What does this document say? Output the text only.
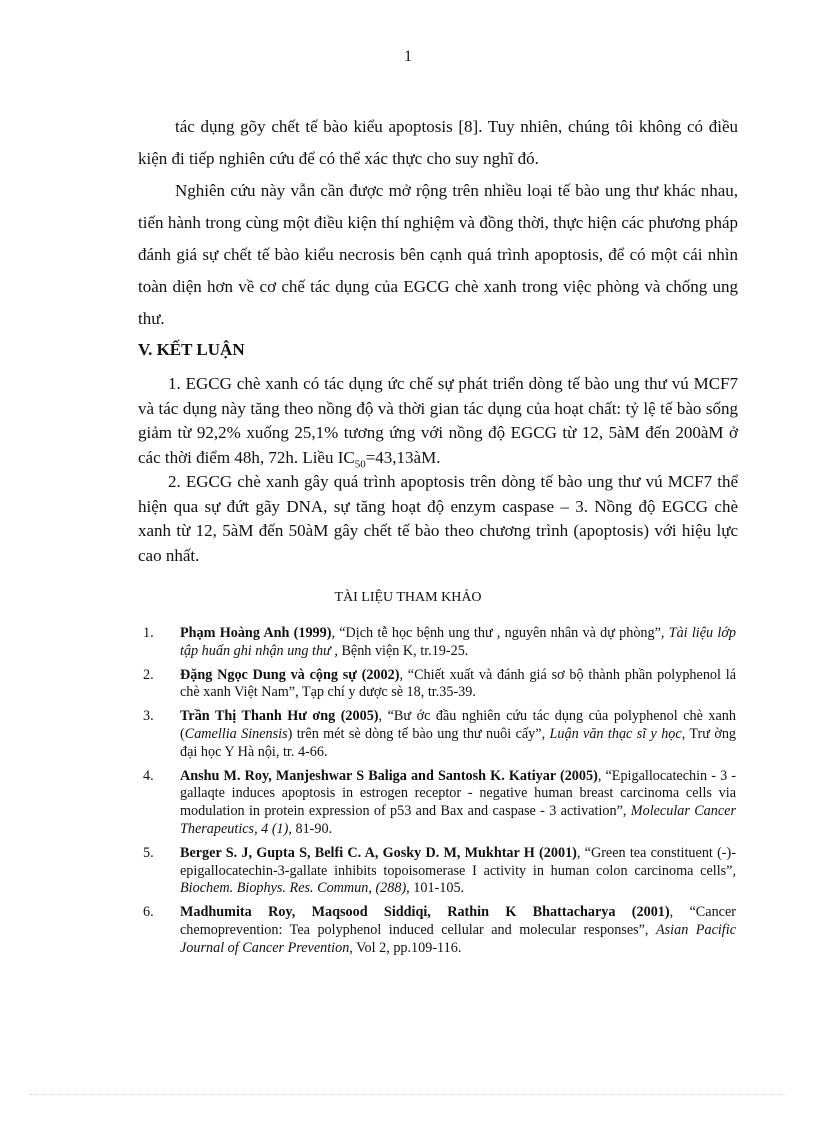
1

tác dụng gõy chết tế bào kiểu apoptosis [8]. Tuy nhiên, chúng tôi không có điều kiện đi tiếp nghiên cứu để có thể xác thực cho suy nghĩ đó.

Nghiên cứu này vẫn cần được mở rộng trên nhiều loại tế bào ung thư khác nhau, tiến hành trong cùng một điều kiện thí nghiệm và đồng thời, thực hiện các phương pháp đánh giá sự chết tế bào kiểu necrosis bên cạnh quá trình apoptosis, để có một cái nhìn toàn diện hơn về cơ chế tác dụng của EGCG chè xanh trong việc phòng và chống ung thư.

V. KẾT LUẬN

1. EGCG chè xanh có tác dụng ức chế sự phát triển dòng tế bào ung thư vú MCF7 và tác dụng này tăng theo nồng độ và thời gian tác dụng của hoạt chất: tỷ lệ tế bào sống giảm từ 92,2% xuống 25,1% tương ứng với nồng độ EGCG từ 12, 5àM đến 200àM ở các thời điểm 48h, 72h. Liều $IC_{50}=43,13àM$.

2. EGCG chè xanh gây quá trình apoptosis trên dòng tế bào ung thư vú MCF7 thể hiện qua sự đứt gãy DNA, sự tăng hoạt độ enzym caspase – 3. Nồng độ EGCG chè xanh từ 12, 5àM đến 50àM gây chết tế bào theo chương trình (apoptosis) với hiệu lực cao nhất.

TÀI LIỆU THAM KHẢO
1. Phạm Hoàng Anh (1999), “Dịch tễ học bệnh ung thư , nguyên nhân và dự phòng”, Tài liệu lớp tập huấn ghi nhận ung thư , Bệnh viện K, tr.19-25.
2. Đặng Ngọc Dung và cộng sự (2002), “Chiết xuất và đánh giá sơ bộ thành phần polyphenol lá chè xanh Việt Nam”, Tạp chí y dược sè 18, tr.35-39.
3. Trần Thị Thanh Hư ơng (2005), “Bư ớc đầu nghiên cứu tác dụng của polyphenol chè xanh (Camellia Sinensis) trên mét sè dòng tế bào ung thư nuôi cấy”, Luận văn thạc sĩ y học, Trư ờng đại học Y Hà nội, tr. 4-66.
4. Anshu M. Roy, Manjeshwar S Baliga and Santosh K. Katiyar (2005), “Epigallocatechin - 3 - gallaqte induces apoptosis in estrogen receptor - negative human breast carcinoma cells via modulation in protein expression of p53 and Bax and caspase - 3 activation”, Molecular Cancer Therapeutics, 4 (1), 81-90.
5. Berger S. J, Gupta S, Belfi C. A, Gosky D. M, Mukhtar H (2001), “Green tea constituent (-)-epigallocatechin-3-gallate inhibits topoisomerase I activity in human colon carcinoma cells”, Biochem. Biophys. Res. Commun, (288), 101-105.
6. Madhumita Roy, Maqsood Siddiqi, Rathin K Bhattacharya (2001), “Cancer chemoprevention: Tea polyphenol induced cellular and molecular responses”, Asian Pacific Journal of Cancer Prevention, Vol 2, pp.109-116.
